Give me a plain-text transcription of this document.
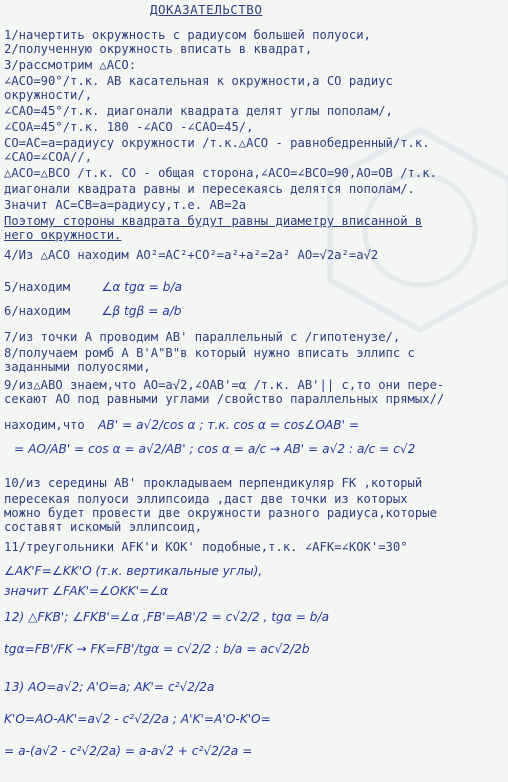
ДОКАЗАТЕЛЬСТВО
1/начертить окружность с радиусом большей полуоси,
2/полученную окружность вписать в квадрат,
3/рассмотрим △АСО:
∠АСО=90°/т.к. АВ касательная к окружности,а СО радиус
окружности/,
∠САО=45°/т.к. диагонали квадрата делят углы пополам/,
∠СОА=45°/т.к. 180 -∠АСО -∠САО=45/,
СО=АС=а=радиусу окружности /т.к.△АСО - равнобедренный/т.к.
∠САО=∠СОА//,
△АСО=△ВСО /т.к. СО - общая сторона,∠АСО=∠ВСО=90,АО=ОВ /т.к.
диагонали квадрата равны и пересекаясь делятся пополам/.
Значит АС=СВ=а=радиусу,т.е. АВ=2а
Поэтому стороны квадрата будут равны диаметру вписанной в
него окружности.
4/Из △АСО находим АО²=АС²+СО²=а²+а²=2а² АО=√2а²=а√2
5/находим	∠α tgα = b/a
6/находим	∠β tgβ = a/b
7/из точки А проводим АВ' параллельный с /гипотенузе/,
8/получаем ромб А В'А"В"в который нужно вписать эллипс с
заданными полуосями,
9/из△АВО знаем,что АО=а√2,∠ОАВ'=α /т.к. АВ'|| с,то они пере-
секают АО под равными углами /свойство параллельных прямых//
находим,что AB' = a√2/cos α ; т.к. cos α = cos∠OAB' =
= AO/AB' = cos α = a√2/AB' ; cos α = a/c → AB' = a√2 : a/c = c√2
10/из середины АВ' прокладываем перпендикуляр FK ,который
пересекая полуоси эллипсоида ,даст две точки из которых
можно будет провести две окружности разного радиуса,которые
составят искомый эллипсоид,
11/треугольники AFK'и KOK' подобные,т.к. ∠AFK=∠KOK'=30°
∠AK'F=∠KK'O (т.к. вертикальные углы),
значит ∠FAK'=∠OKK'=∠α
12) △FKB'; ∠FKB'=∠α ,FB'=AB'/2 = c√2/2 , tgα = b/a
tgα=FB'/FK → FK=FB'/tgα = c√2/2 : b/a = ac√2/2b
13) AO=a√2; A'O=a; AK'= c²√2/2a
K'O=AO-AK'=a√2 - c²√2/2a ; A'K'=A'O-K'O=
= a-(a√2 - c²√2/2a) = a-a√2 + c²√2/2a =
